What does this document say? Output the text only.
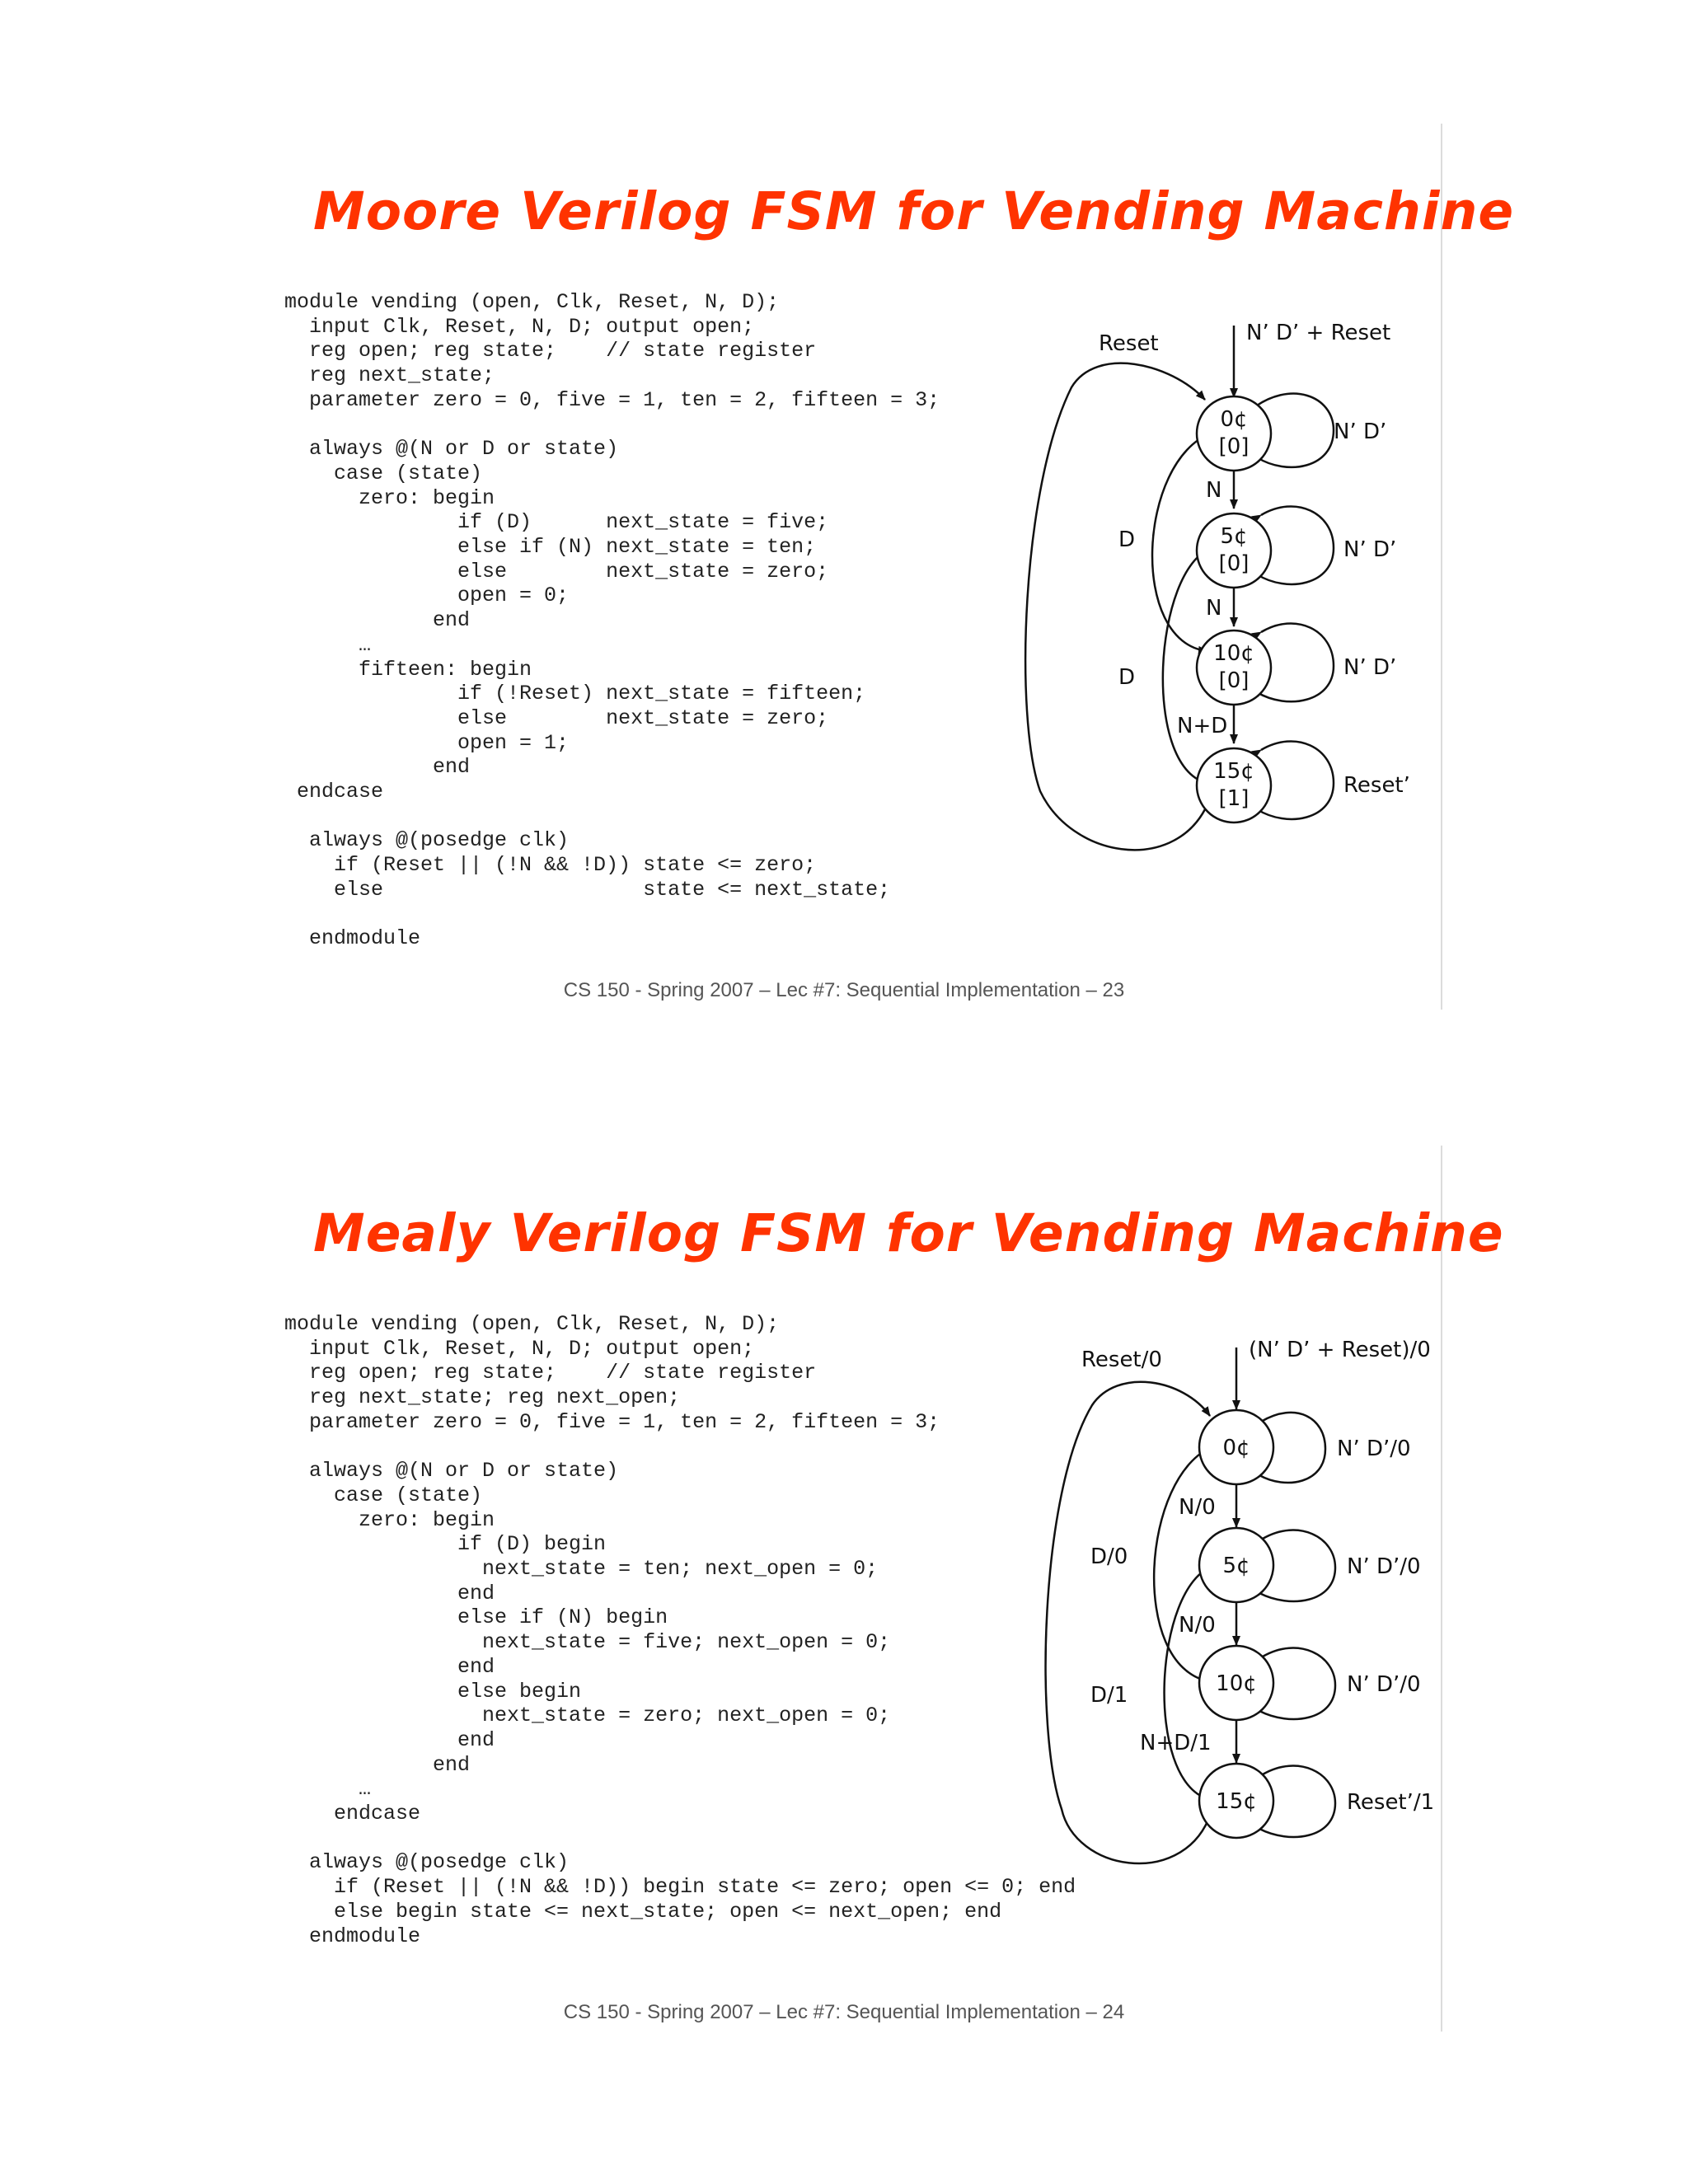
Moore Verilog FSM for Vending Machine
module vending (open, Clk, Reset, N, D);
input Clk, Reset, N, D; output open;
reg open; reg state;    // state register
reg next_state;
parameter zero = 0, five = 1, ten = 2, fifteen = 3;

always @(N or D or state)
case (state)
zero: begin
if (D)      next_state = five;
else if (N) next_state = ten;
else        next_state = zero;
open = 0;
end
…
fifteen: begin
if (!Reset) next_state = fifteen;
else        next_state = zero;
open = 1;
end
endcase

always @(posedge clk)
if (Reset || (!N && !D)) state <= zero;
else                     state <= next_state;

endmodule
N’ D’ + Reset
Reset
N
N
N+D
D
D
0¢
[0]
5¢
[0]
10¢
[0]
15¢
[1]
N’ D’
N’ D’
N’ D’
Reset’
CS 150 - Spring 2007 – Lec #7: Sequential Implementation – 23
Mealy Verilog FSM for Vending Machine
module vending (open, Clk, Reset, N, D);
input Clk, Reset, N, D; output open;
reg open; reg state;    // state register
reg next_state; reg next_open;
parameter zero = 0, five = 1, ten = 2, fifteen = 3;

always @(N or D or state)
case (state)
zero: begin
if (D) begin
next_state = ten; next_open = 0;
end
else if (N) begin
next_state = five; next_open = 0;
end
else begin
next_state = zero; next_open = 0;
end
end
…
endcase

always @(posedge clk)
if (Reset || (!N && !D)) begin state <= zero; open <= 0; end
else begin state <= next_state; open <= next_open; end
endmodule
(N’ D’ + Reset)/0
Reset/0
N/0
N/0
N+D/1
D/0
D/1
0¢
5¢
10¢
15¢
N’ D’/0
N’ D’/0
N’ D’/0
Reset’/1
CS 150 - Spring 2007 – Lec #7: Sequential Implementation – 24
